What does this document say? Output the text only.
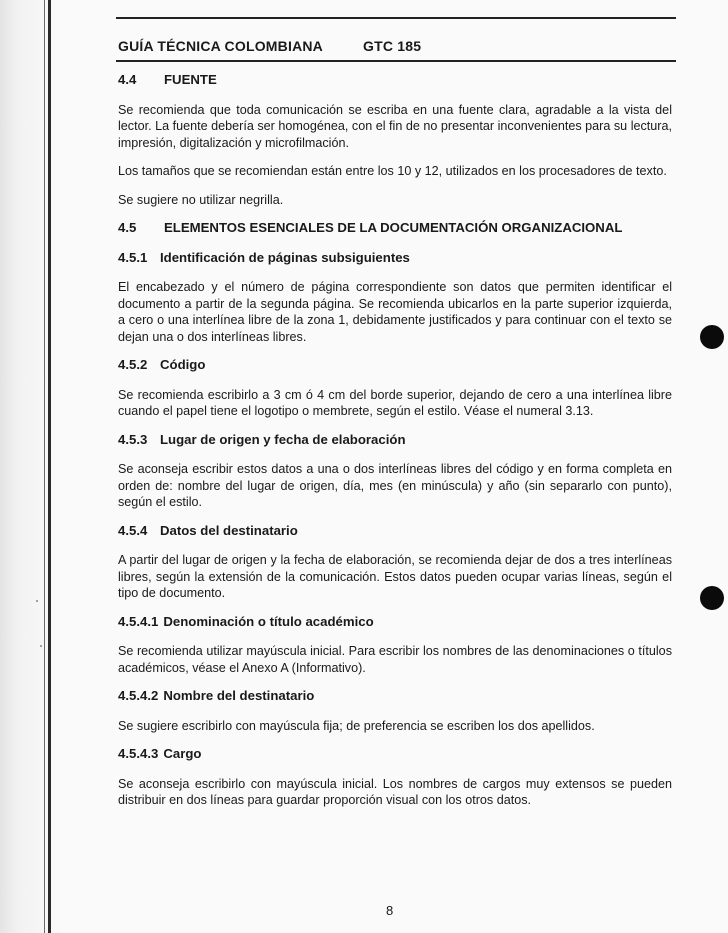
GUÍA TÉCNICA COLOMBIANA	GTC 185
4.4	FUENTE

Se recomienda que toda comunicación se escriba en una fuente clara, agradable a la vista del lector. La fuente debería ser homogénea, con el fin de no presentar inconvenientes para su lectura, impresión, digitalización y microfilmación.

Los tamaños que se recomiendan están entre los 10 y 12, utilizados en los procesadores de texto.

Se sugiere no utilizar negrilla.

4.5	ELEMENTOS ESENCIALES DE LA DOCUMENTACIÓN ORGANIZACIONAL
4.5.1 Identificación de páginas subsiguientes

El encabezado y el número de página correspondiente son datos que permiten identificar el documento a partir de la segunda página. Se recomienda ubicarlos en la parte superior izquierda, a cero o una interlínea libre de la zona 1, debidamente justificados y para continuar con el texto se dejan una o dos interlíneas libres.

4.5.2 Código

Se recomienda escribirlo a 3 cm ó 4 cm del borde superior, dejando de cero a una interlínea libre cuando el papel tiene el logotipo o membrete, según el estilo. Véase el numeral 3.13.

4.5.3 Lugar de origen y fecha de elaboración

Se aconseja escribir estos datos a una o dos interlíneas libres del código y en forma completa en orden de: nombre del lugar de origen, día, mes (en minúscula) y año (sin separarlo con punto), según el estilo.

4.5.4 Datos del destinatario

A partir del lugar de origen y la fecha de elaboración, se recomienda dejar de dos a tres interlíneas libres, según la extensión de la comunicación. Estos datos pueden ocupar varias líneas, según el tipo de documento.

4.5.4.1 Denominación o título académico

Se recomienda utilizar mayúscula inicial. Para escribir los nombres de las denominaciones o títulos académicos, véase el Anexo A (Informativo).

4.5.4.2 Nombre del destinatario

Se sugiere escribirlo con mayúscula fija; de preferencia se escriben los dos apellidos.

4.5.4.3 Cargo

Se aconseja escribirlo con mayúscula inicial. Los nombres de cargos muy extensos se pueden distribuir en dos líneas para guardar proporción visual con los otros datos.

8
